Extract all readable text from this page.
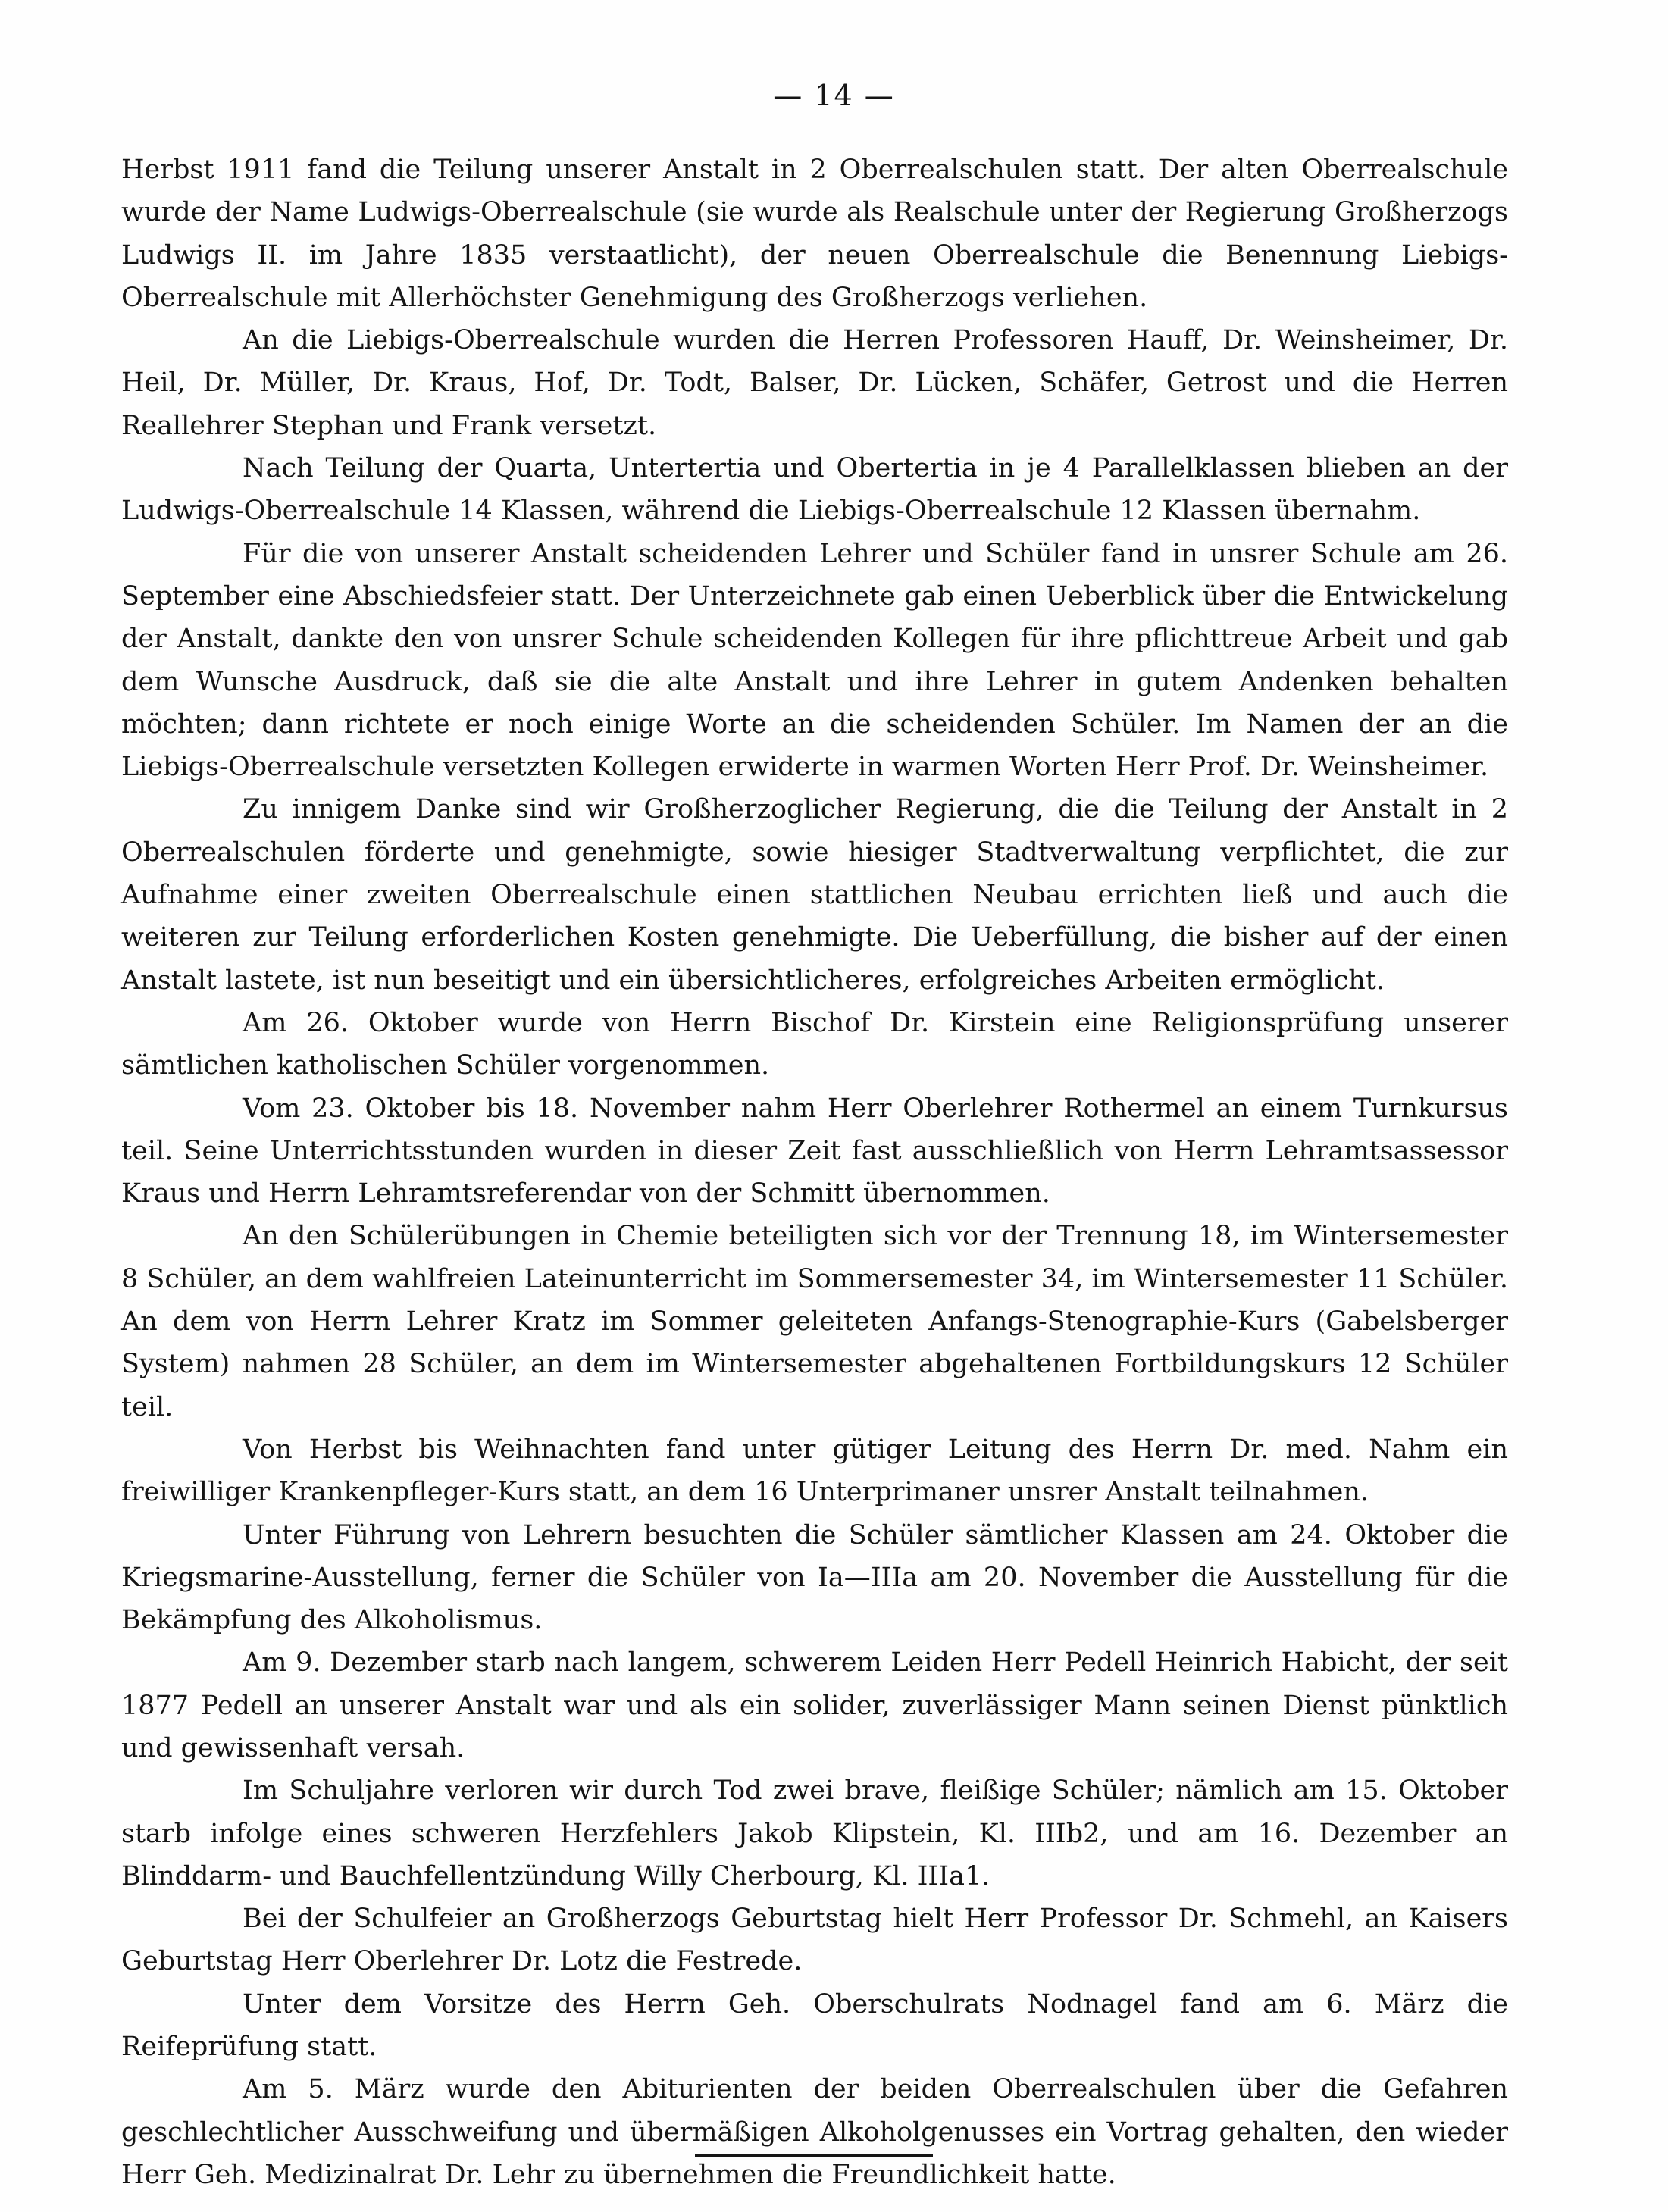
— 14 —

Herbst 1911 fand die Teilung unserer Anstalt in 2 Oberrealschulen statt. Der alten Oberrealschule wurde der Name Ludwigs-Oberrealschule (sie wurde als Realschule unter der Regierung Großherzogs Ludwigs II. im Jahre 1835 verstaatlicht), der neuen Oberrealschule die Benennung Liebigs-Oberrealschule mit Allerhöchster Genehmigung des Großherzogs verliehen.

An die Liebigs-Oberrealschule wurden die Herren Professoren Hauff, Dr. Weinsheimer, Dr. Heil, Dr. Müller, Dr. Kraus, Hof, Dr. Todt, Balser, Dr. Lücken, Schäfer, Getrost und die Herren Reallehrer Stephan und Frank versetzt.

Nach Teilung der Quarta, Untertertia und Obertertia in je 4 Parallelklassen blieben an der Ludwigs-Oberrealschule 14 Klassen, während die Liebigs-Oberrealschule 12 Klassen übernahm.

Für die von unserer Anstalt scheidenden Lehrer und Schüler fand in unsrer Schule am 26. September eine Abschiedsfeier statt. Der Unterzeichnete gab einen Ueberblick über die Entwickelung der Anstalt, dankte den von unsrer Schule scheidenden Kollegen für ihre pflichttreue Arbeit und gab dem Wunsche Ausdruck, daß sie die alte Anstalt und ihre Lehrer in gutem Andenken behalten möchten; dann richtete er noch einige Worte an die scheidenden Schüler. Im Namen der an die Liebigs-Oberrealschule versetzten Kollegen erwiderte in warmen Worten Herr Prof. Dr. Weinsheimer.

Zu innigem Danke sind wir Großherzoglicher Regierung, die die Teilung der Anstalt in 2 Oberrealschulen förderte und genehmigte, sowie hiesiger Stadtverwaltung verpflichtet, die zur Aufnahme einer zweiten Oberrealschule einen stattlichen Neubau errichten ließ und auch die weiteren zur Teilung erforderlichen Kosten genehmigte. Die Ueberfüllung, die bisher auf der einen Anstalt lastete, ist nun beseitigt und ein übersichtlicheres, erfolgreiches Arbeiten ermöglicht.

Am 26. Oktober wurde von Herrn Bischof Dr. Kirstein eine Religionsprüfung unserer sämtlichen katholischen Schüler vorgenommen.

Vom 23. Oktober bis 18. November nahm Herr Oberlehrer Rothermel an einem Turnkursus teil. Seine Unterrichtsstunden wurden in dieser Zeit fast ausschließlich von Herrn Lehramtsassessor Kraus und Herrn Lehramtsreferendar von der Schmitt übernommen.

An den Schülerübungen in Chemie beteiligten sich vor der Trennung 18, im Wintersemester 8 Schüler, an dem wahlfreien Lateinunterricht im Sommersemester 34, im Wintersemester 11 Schüler. An dem von Herrn Lehrer Kratz im Sommer geleiteten Anfangs-Stenographie-Kurs (Gabelsberger System) nahmen 28 Schüler, an dem im Wintersemester abgehaltenen Fortbildungskurs 12 Schüler teil.

Von Herbst bis Weihnachten fand unter gütiger Leitung des Herrn Dr. med. Nahm ein freiwilliger Krankenpfleger-Kurs statt, an dem 16 Unterprimaner unsrer Anstalt teilnahmen.

Unter Führung von Lehrern besuchten die Schüler sämtlicher Klassen am 24. Oktober die Kriegsmarine-Ausstellung, ferner die Schüler von Ia—IIIa am 20. November die Ausstellung für die Bekämpfung des Alkoholismus.

Am 9. Dezember starb nach langem, schwerem Leiden Herr Pedell Heinrich Habicht, der seit 1877 Pedell an unserer Anstalt war und als ein solider, zuverlässiger Mann seinen Dienst pünktlich und gewissenhaft versah.

Im Schuljahre verloren wir durch Tod zwei brave, fleißige Schüler; nämlich am 15. Oktober starb infolge eines schweren Herzfehlers Jakob Klipstein, Kl. IIIb2, und am 16. Dezember an Blinddarm- und Bauchfellentzündung Willy Cherbourg, Kl. IIIa1.

Bei der Schulfeier an Großherzogs Geburtstag hielt Herr Professor Dr. Schmehl, an Kaisers Geburtstag Herr Oberlehrer Dr. Lotz die Festrede.

Unter dem Vorsitze des Herrn Geh. Oberschulrats Nodnagel fand am 6. März die Reifeprüfung statt.

Am 5. März wurde den Abiturienten der beiden Oberrealschulen über die Gefahren geschlechtlicher Ausschweifung und übermäßigen Alkoholgenusses ein Vortrag gehalten, den wieder Herr Geh. Medizinalrat Dr. Lehr zu übernehmen die Freundlichkeit hatte.
